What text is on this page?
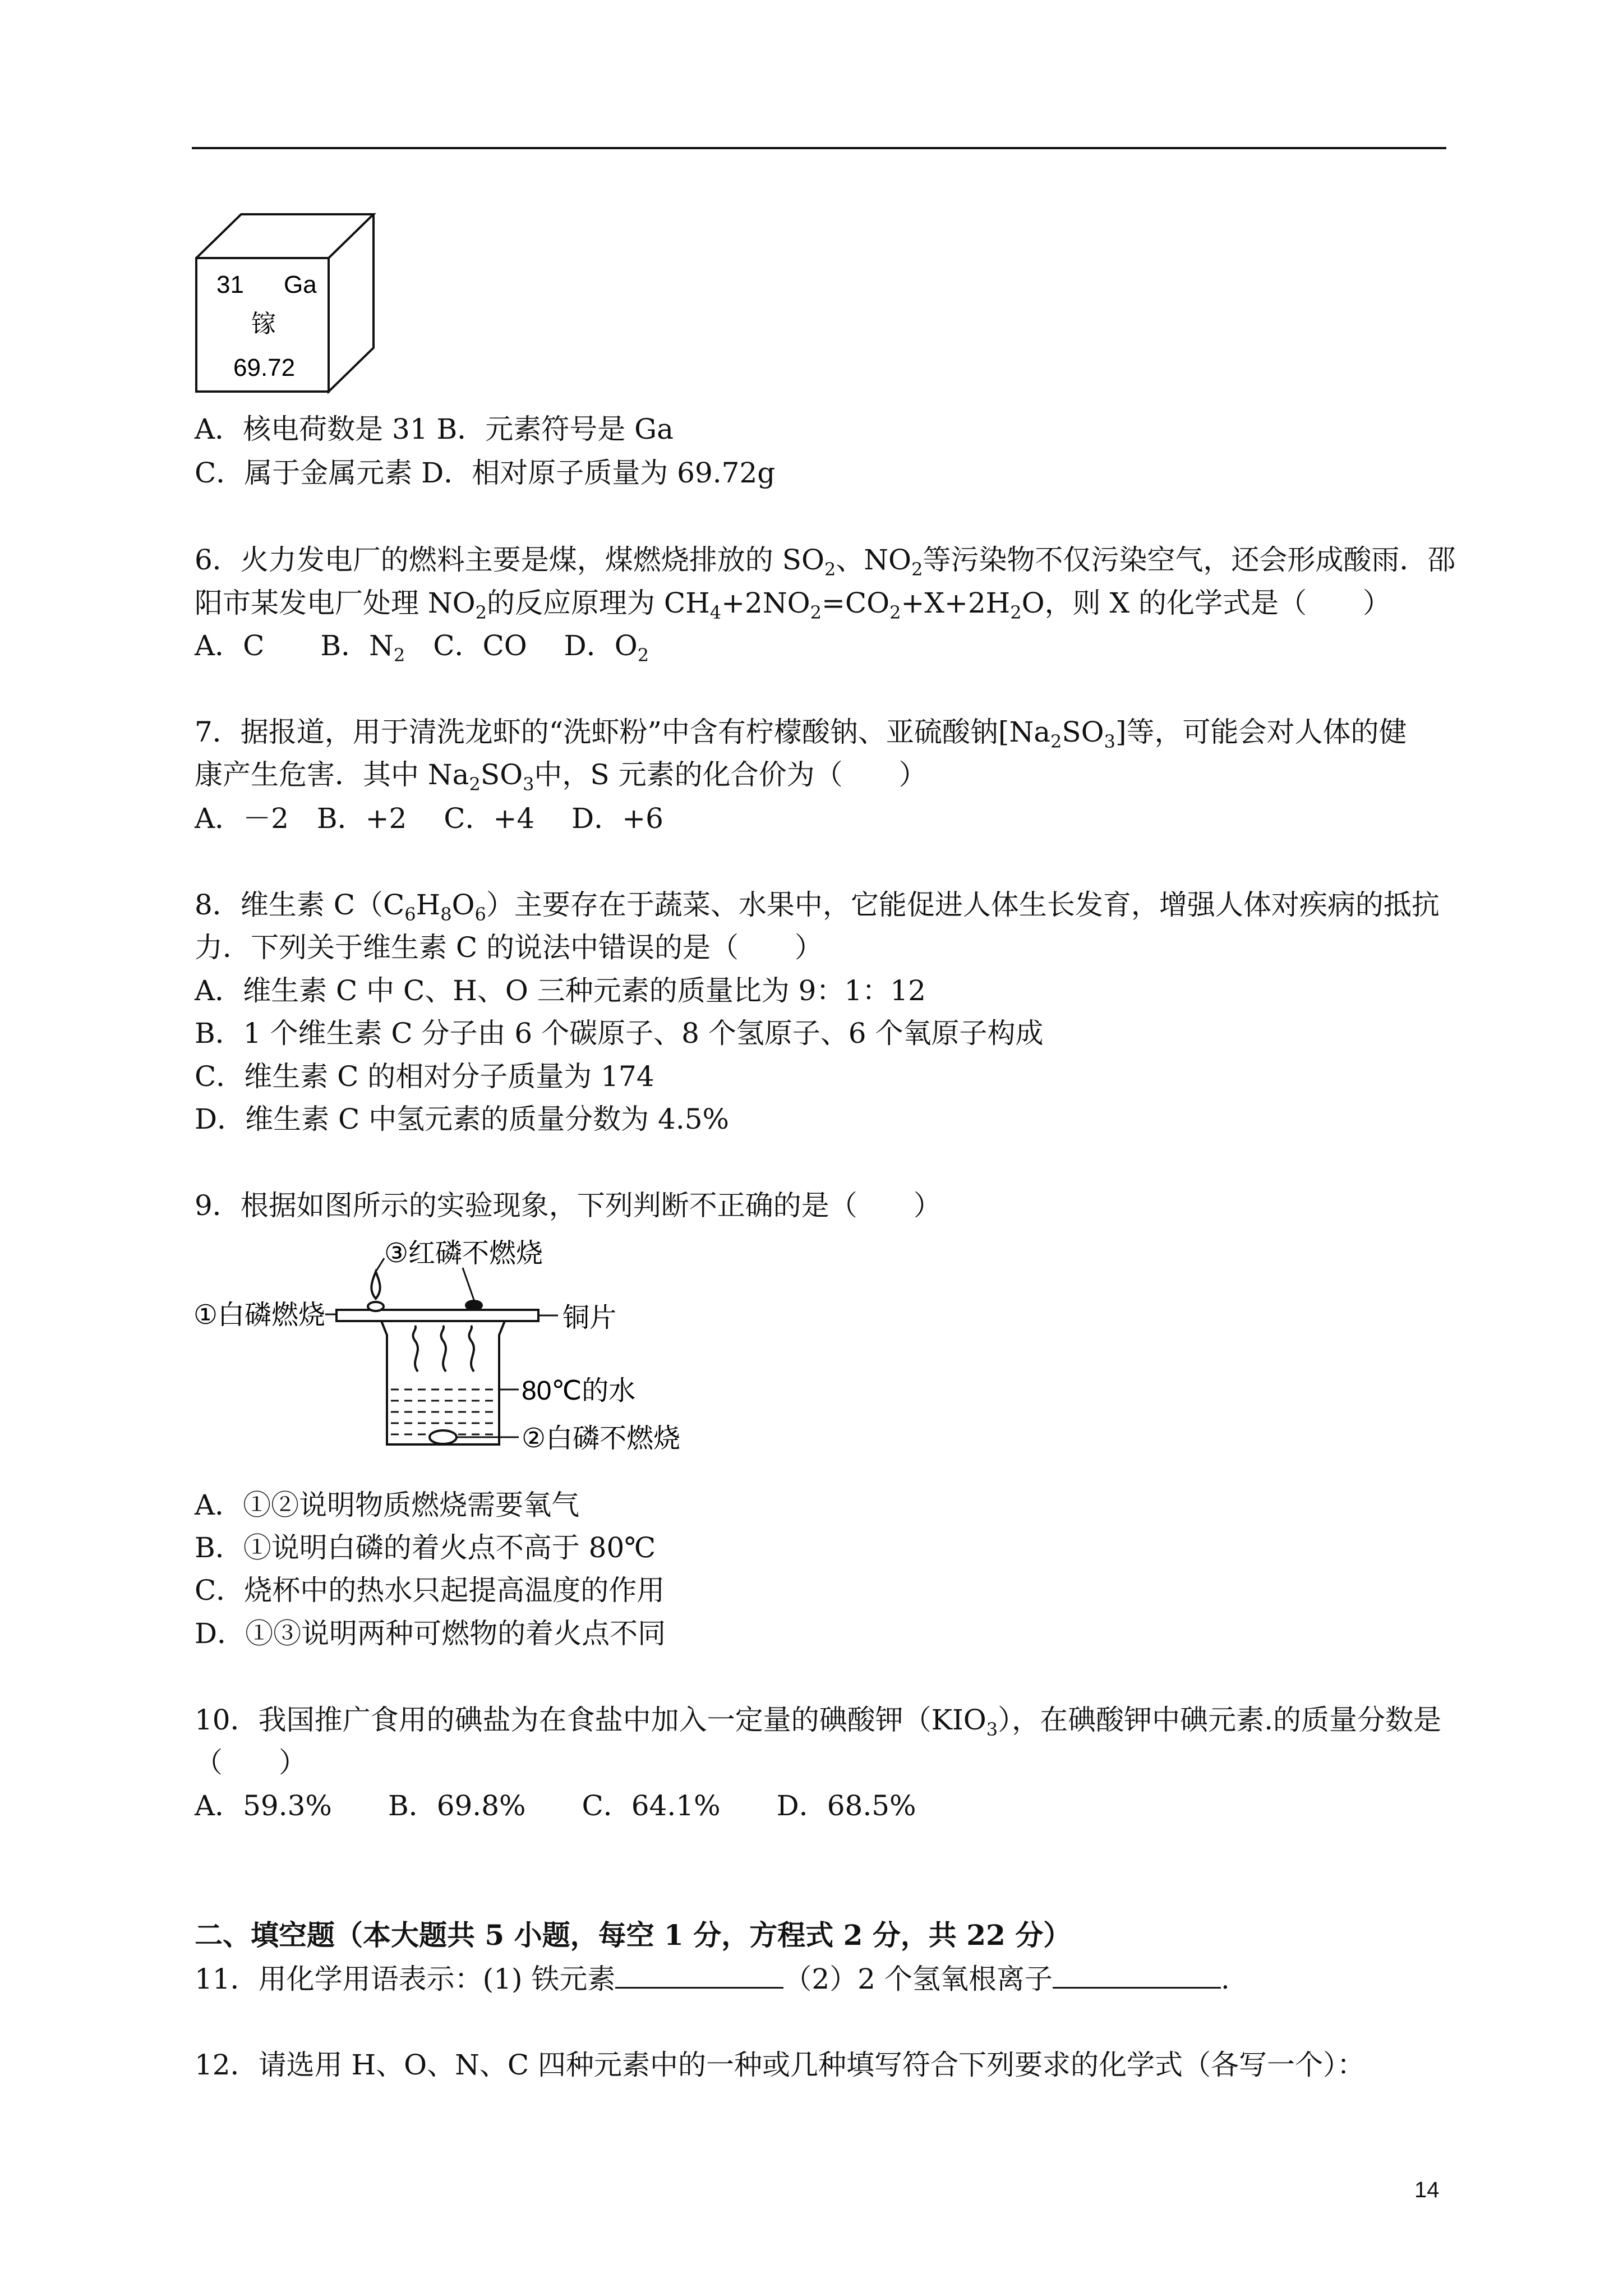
31 Ga
镓
69.72
A．核电荷数是 31 B．元素符号是 Ga
C．属于金属元素 D．相对原子质量为 69.72g
6．火力发电厂的燃料主要是煤，煤燃烧排放的 $SO_2$、$NO_2$等污染物不仅污染空气，还会形成酸雨．邵
阳市某发电厂处理 $NO_2$的反应原理为 $CH_4+2NO_2=CO_2+X+2H_2O$，则 X 的化学式是（　　）
A．C　　B．$N_2$　C．CO　 D．$O_2$
7．据报道，用于清洗龙虾的“洗虾粉”中含有柠檬酸钠、亚硫酸钠$[Na_2SO_3]$等，可能会对人体的健
康产生危害．其中 $Na_2SO_3$中，S 元素的化合价为（　　）
A．－2　B．+2　 C．+4　 D．+6
8．维生素 $C(C_6H_8O_6)$主要存在于蔬菜、水果中，它能促进人体生长发育，增强人体对疾病的抵抗
力．下列关于维生素 C 的说法中错误的是（　　）
A．维生素 C 中 C、H、O 三种元素的质量比为 9：1：12
B．1 个维生素 C 分子由 6 个碳原子、8 个氢原子、6 个氧原子构成
C．维生素 C 的相对分子质量为 174
D．维生素 C 中氢元素的质量分数为 4.5%
9．根据如图所示的实验现象，下列判断不正确的是（　　）
③红磷不燃烧
①白磷燃烧	铜片
80℃的水
②白磷不燃烧
A．①②说明物质燃烧需要氧气
B．①说明白磷的着火点不高于 80℃
C．烧杯中的热水只起提高温度的作用
D．①③说明两种可燃物的着火点不同
10．我国推广食用的碘盐为在食盐中加入一定量的碘酸钾$(KIO_3)$，在碘酸钾中碘元素.的质量分数是
（　　）
A．59.3%　　B．69.8%　　C．64.1%　　D．68.5%
二、填空题（本大题共 5 小题，每空 1 分，方程式 2 分，共 22 分）
11．用化学用语表示：(1) 铁元素	（2）2 个氢氧根离子	.
12．请选用 H、O、N、C 四种元素中的一种或几种填写符合下列要求的化学式（各写一个）：
14
